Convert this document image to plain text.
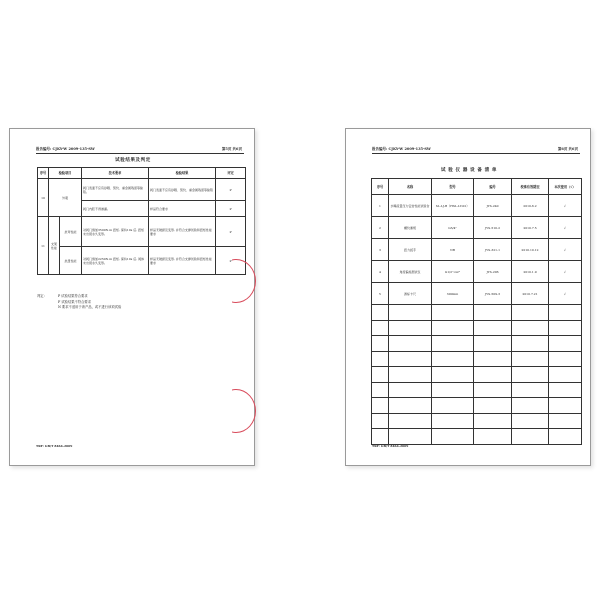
报告编号: CJKY-W 2009-135-SW	第5页 共6页
试验结果及判定
序号	检验项目		技术要求	检验结果	评定
10	外观		阀门表面不应有砂眼、裂纹、重金属残留等缺陷。	阀门表面不应有砂眼、裂纹、重金属残留等缺陷	P
			阀门内腔不得渗漏。	样品符合要求	P
11	支架性能	抗弯性能	对阀门施加3500N·m 扭矩, 保持10s 后, 扭矩未出现永久变形。	样品无破损及变形, 并符合支撑试验和扭矩性能要求	P
		抗扭性能	对阀门施加2250N·m 扭矩, 保持10s 后, 阀体未出现永久变形。	样品无破损及变形, 并符合支撑试验和扭矩性能要求	P
判定:	P 试验结果符合要求
F 试验结果不符合要求
N 要求不适用于该产品，或不进行该项试验
TRF: GB/T 8464-2009
报告编号: CJKY-W 2009-135-SW	第6页 共6页
试 验 仪 器 设 备 清 单
序号	名称	型号	编号	校准有效期至	本次使用（√）
1	水嘴流量压力密封性能试验台	SL-LJ-B（HSL-LY-02）	JYS-240	2010-6.2	√
2	螺纹塞规	G3/4"	JYS-510-2	2010.7.5	√
3	扭力扳手	NB	JYS-321-1	2010.10.12	√
4	角度偏差测试仪	G1/2"-G2"	JYS-206	2010.1.9	√
5	游标卡尺	300mm	JYS-509-3	2010.7.21	√

TRF: GB/T 8464-2009
